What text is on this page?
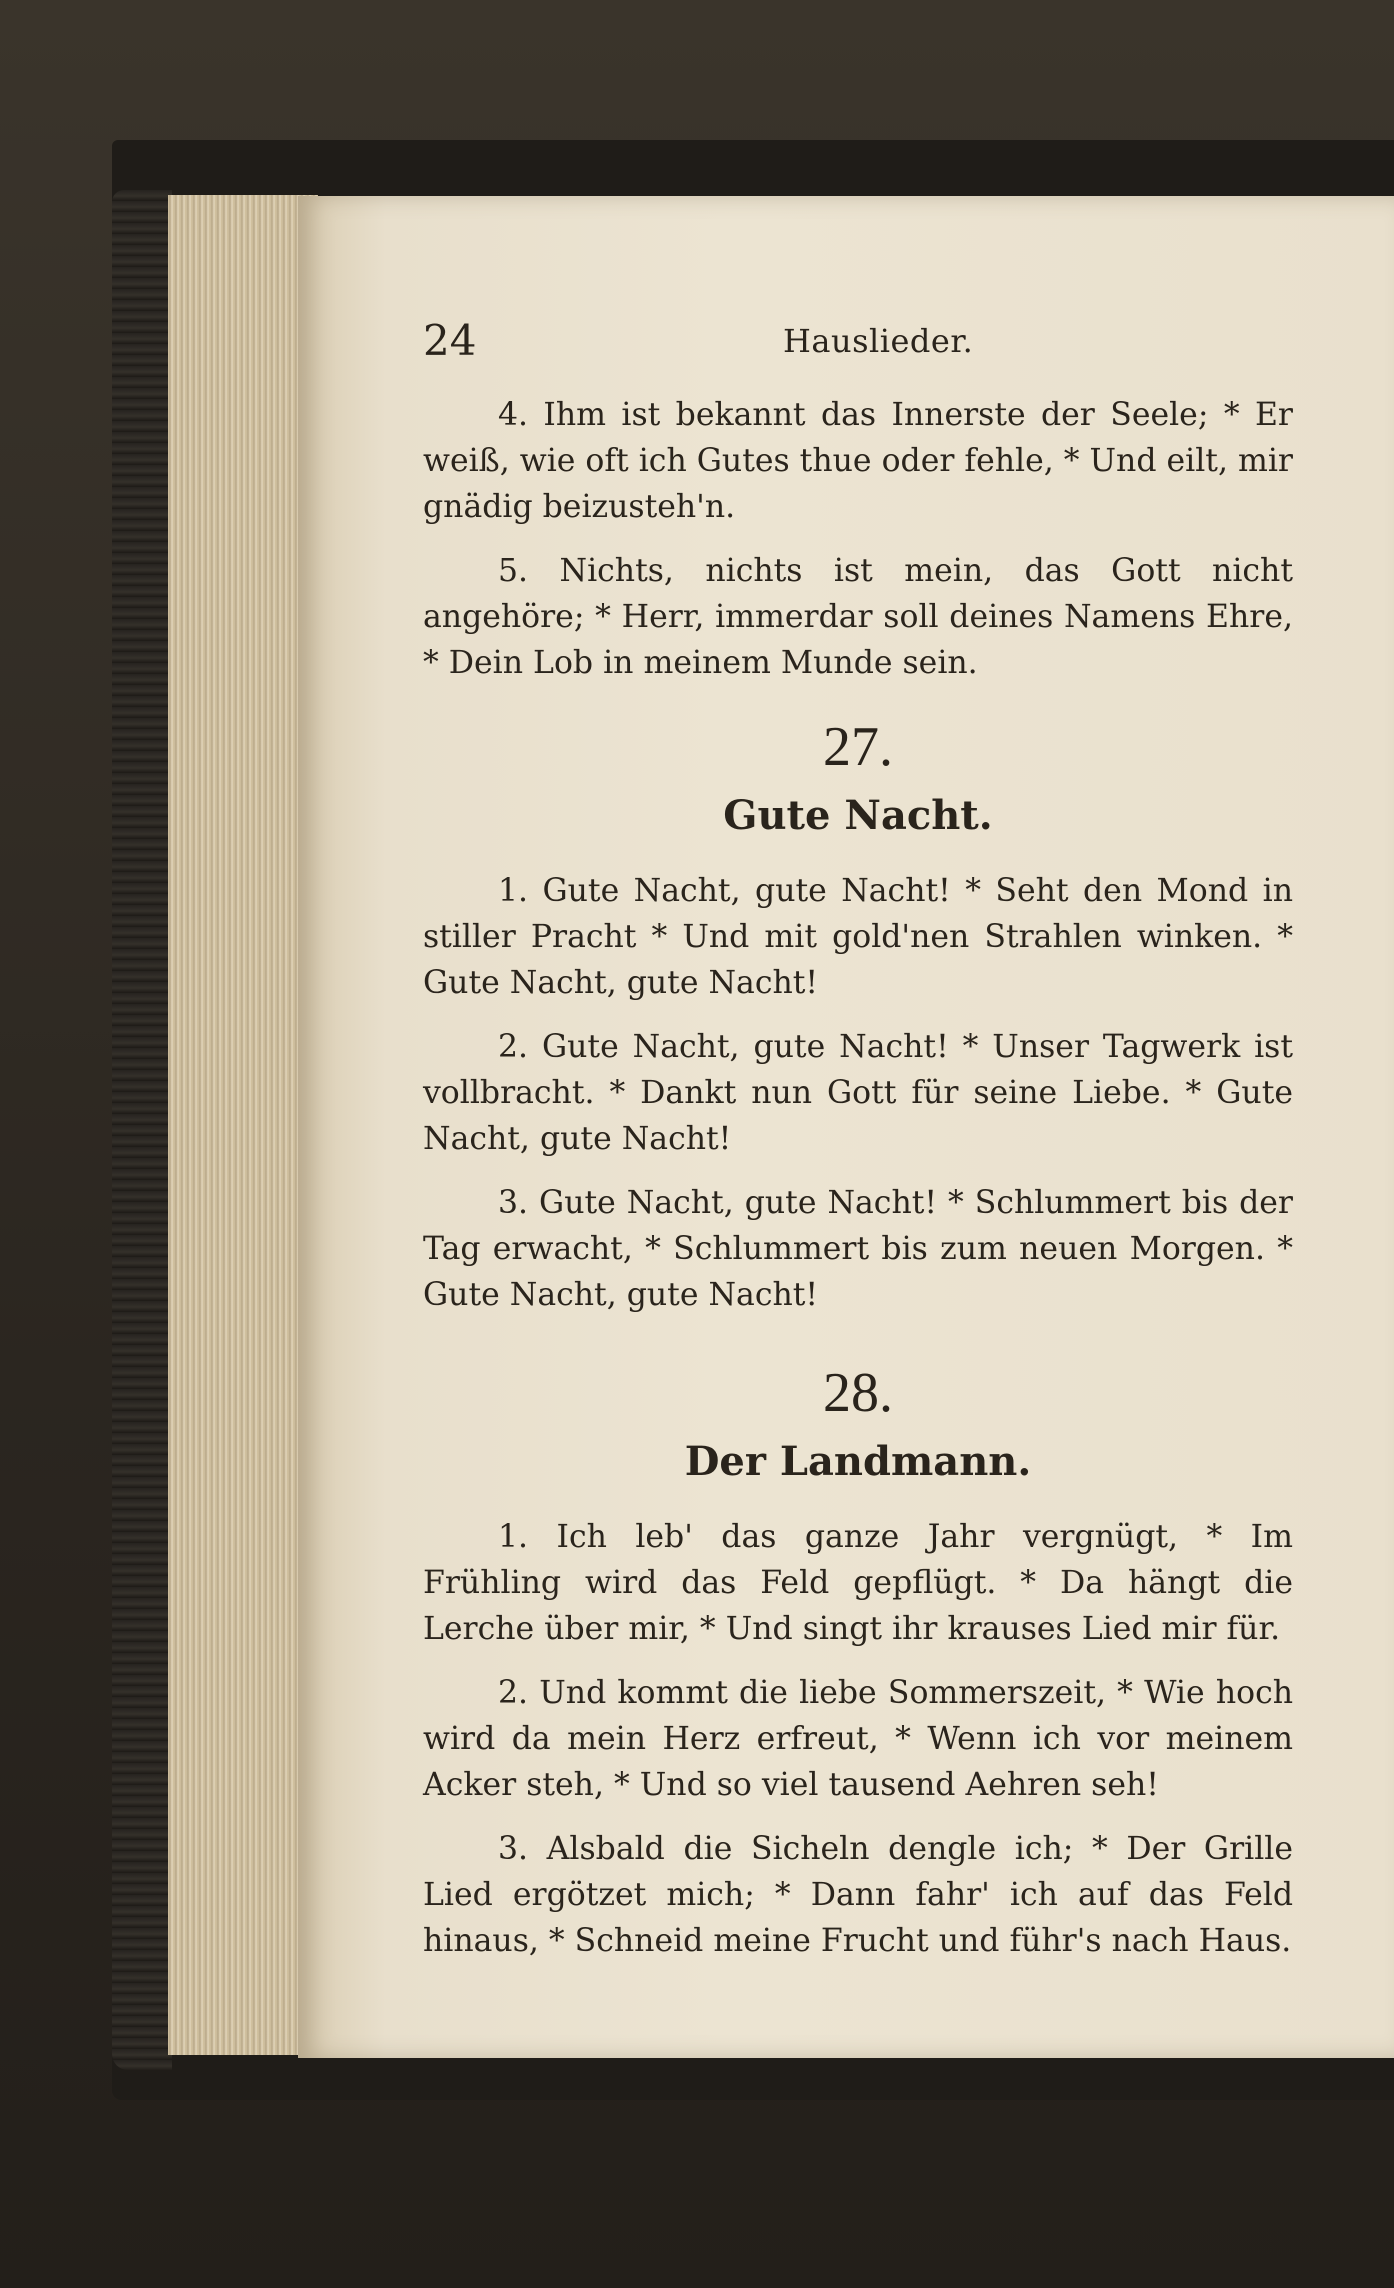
24	Hauslieder.

4. Ihm ist bekannt das Innerste der Seele; * Er weiß, wie oft ich Gutes thue oder fehle, * Und eilt, mir gnädig beizusteh'n.

5. Nichts, nichts ist mein, das Gott nicht angehöre; * Herr, immerdar soll deines Namens Ehre, * Dein Lob in meinem Munde sein.

27.
Gute Nacht.

1. Gute Nacht, gute Nacht! * Seht den Mond in stiller Pracht * Und mit gold'nen Strahlen winken. * Gute Nacht, gute Nacht!

2. Gute Nacht, gute Nacht! * Unser Tagwerk ist vollbracht. * Dankt nun Gott für seine Liebe. * Gute Nacht, gute Nacht!

3. Gute Nacht, gute Nacht! * Schlummert bis der Tag erwacht, * Schlummert bis zum neuen Morgen. * Gute Nacht, gute Nacht!

28.
Der Landmann.

1. Ich leb' das ganze Jahr vergnügt, * Im Frühling wird das Feld gepflügt. * Da hängt die Lerche über mir, * Und singt ihr krauses Lied mir für.

2. Und kommt die liebe Sommerszeit, * Wie hoch wird da mein Herz erfreut, * Wenn ich vor meinem Acker steh, * Und so viel tausend Aehren seh!

3. Alsbald die Sicheln dengle ich; * Der Grille Lied ergötzet mich; * Dann fahr' ich auf das Feld hinaus, * Schneid meine Frucht und führ's nach Haus.
